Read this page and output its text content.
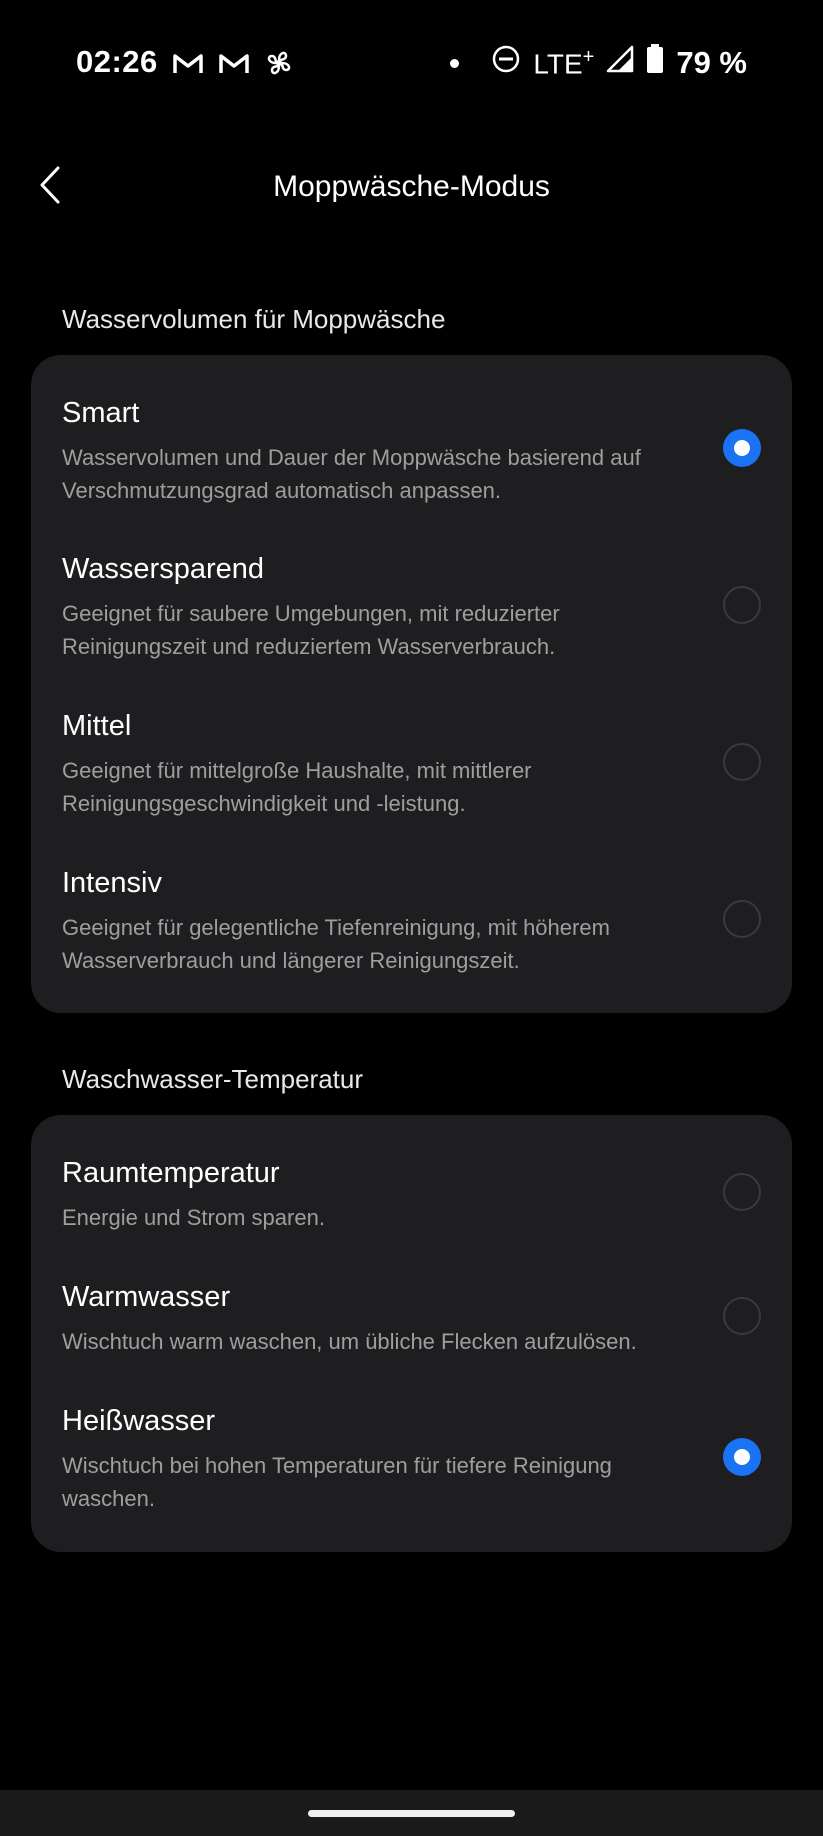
02:26	LTE+	79 %
Moppwäsche-Modus
Wasservolumen für Moppwäsche
Smart
Wasservolumen und Dauer der Moppwäsche basierend auf Verschmutzungsgrad automatisch anpassen.
Wassersparend
Geeignet für saubere Umgebungen, mit reduzierter Reinigungszeit und reduziertem Wasserverbrauch.
Mittel
Geeignet für mittelgroße Haushalte, mit mittlerer Reinigungsgeschwindigkeit und -leistung.
Intensiv
Geeignet für gelegentliche Tiefenreinigung, mit höherem Wasserverbrauch und längerer Reinigungszeit.
Waschwasser-Temperatur
Raumtemperatur
Energie und Strom sparen.
Warmwasser
Wischtuch warm waschen, um übliche Flecken aufzulösen.
Heißwasser
Wischtuch bei hohen Temperaturen für tiefere Reinigung waschen.
